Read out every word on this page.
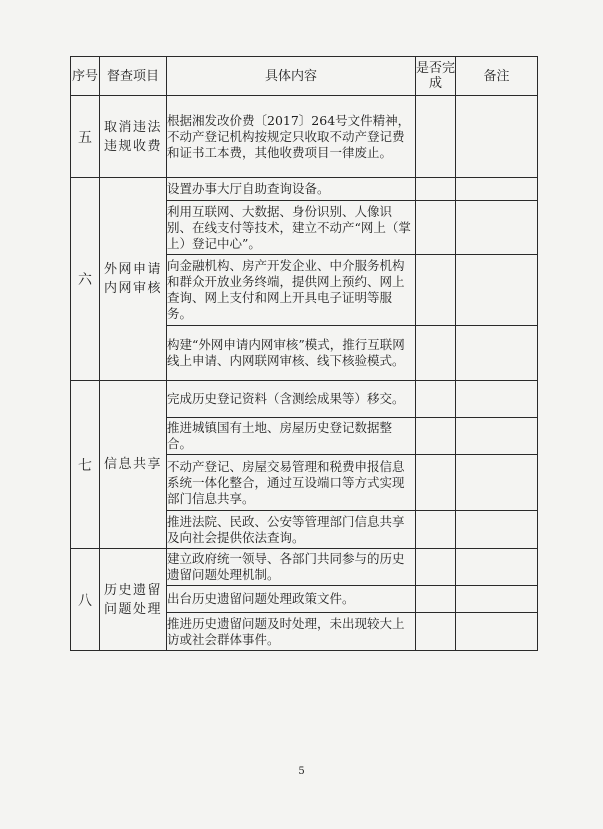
序号	督查项目	具体内容	是否完成	备注
五	取消违法违规收费	根据湘发改价费〔2017〕264号文件精神，不动产登记机构按规定只收取不动产登记费和证书工本费，其他收费项目一律废止。		
六	外网申请内网审核	设置办事大厅自助查询设备。		
		利用互联网、大数据、身份识别、人像识别、在线支付等技术，建立不动产“网上（掌上）登记中心”。		
		向金融机构、房产开发企业、中介服务机构和群众开放业务终端，提供网上预约、网上查询、网上支付和网上开具电子证明等服务。		
		构建“外网申请内网审核”模式，推行互联网线上申请、内网联网审核、线下核验模式。		
七	信息共享	完成历史登记资料（含测绘成果等）移交。		
		推进城镇国有土地、房屋历史登记数据整合。		
		不动产登记、房屋交易管理和税费申报信息系统一体化整合，通过互设端口等方式实现部门信息共享。		
		推进法院、民政、公安等管理部门信息共享及向社会提供依法查询。		
八	历史遗留问题处理	建立政府统一领导、各部门共同参与的历史遗留问题处理机制。		
		出台历史遗留问题处理政策文件。		
		推进历史遗留问题及时处理，未出现较大上访或社会群体事件。		
5
